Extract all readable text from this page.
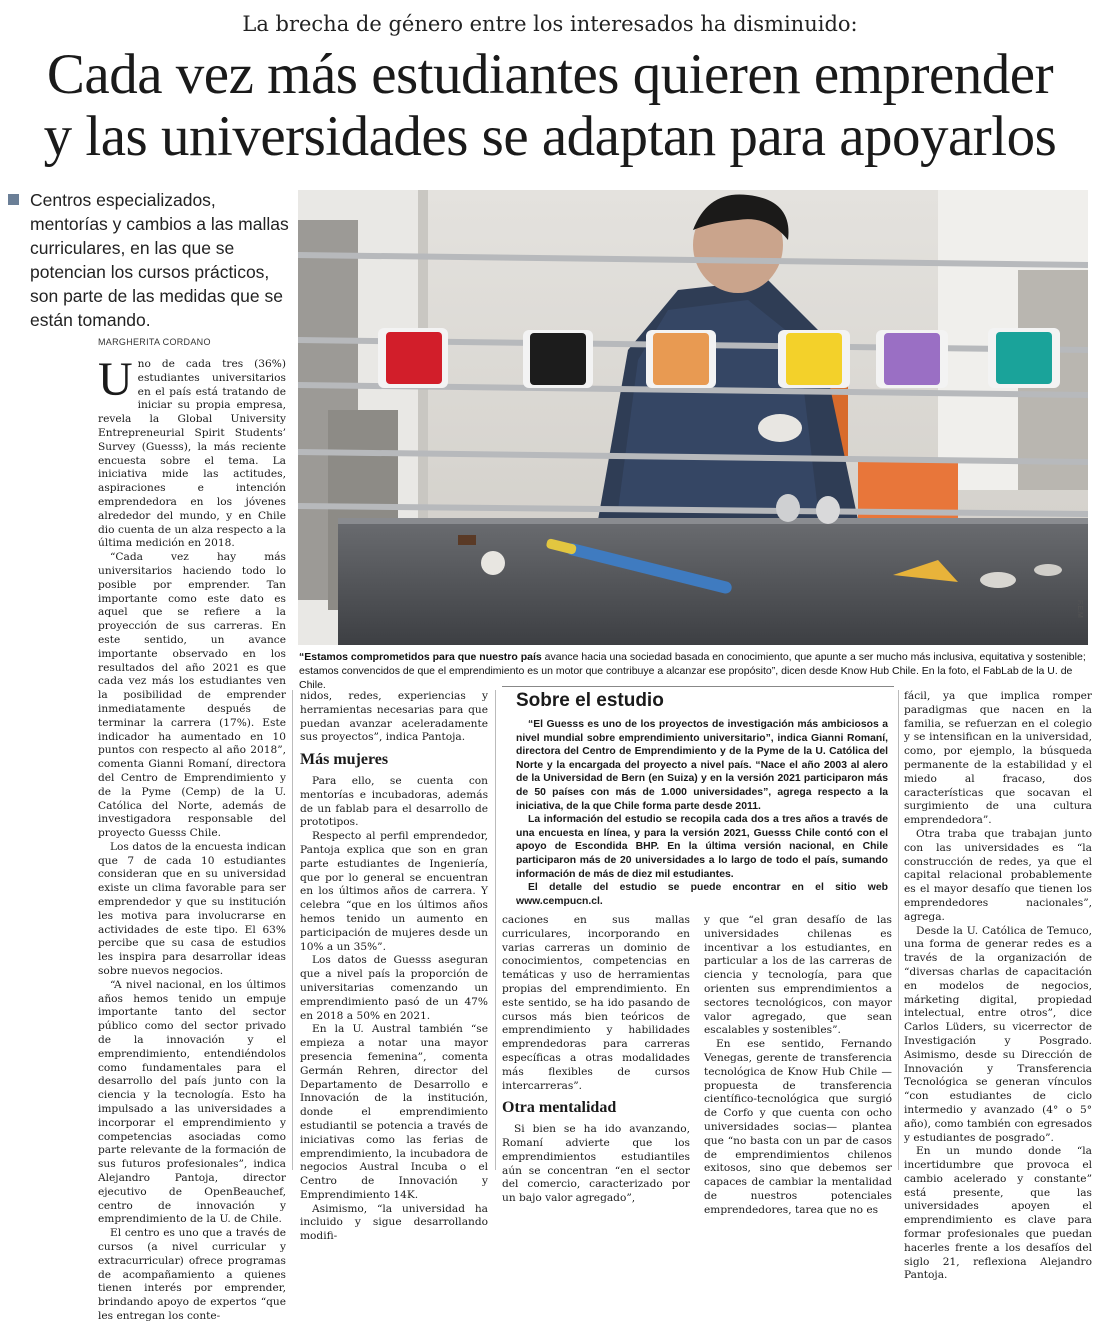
La brecha de género entre los interesados ha disminuido:
Cada vez más estudiantes quieren emprender
y las universidades se adaptan para apoyarlos

Centros especializados, mentorías y cambios a las mallas curriculares, en las que se potencian los cursos prácticos, son parte de las medidas que se están tomando.

MARGHERITA CORDANO
F.E.M
“Estamos comprometidos para que nuestro país avance hacia una sociedad basada en conocimiento, que apunte a ser mucho más inclusiva, equitativa y sostenible; estamos convencidos de que el emprendimiento es un motor que contribuye a alcanzar ese propósito”, dicen desde Know Hub Chile. En la foto, el FabLab de la U. de Chile.

Uno de cada tres (36%) estudiantes universitarios en el país está tratando de iniciar su propia empresa, revela la Global University Entrepreneurial Spirit Students’ Survey (Guesss), la más reciente encuesta sobre el tema. La iniciativa mide las actitudes, aspiraciones e intención emprendedora en los jóvenes alrededor del mundo, y en Chile dio cuenta de un alza respecto a la última medición en 2018.

“Cada vez hay más universitarios haciendo todo lo posible por emprender. Tan importante como este dato es aquel que se refiere a la proyección de sus carreras. En este sentido, un avance importante observado en los resultados del año 2021 es que cada vez más los estudiantes ven la posibilidad de emprender inmediatamente después de terminar la carrera (17%). Este indicador ha aumentado en 10 puntos con respecto al año 2018”, comenta Gianni Romaní, directora del Centro de Emprendimiento y de la Pyme (Cemp) de la U. Católica del Norte, además de investigadora responsable del proyecto Guesss Chile.

Los datos de la encuesta indican que 7 de cada 10 estudiantes consideran que en su universidad existe un clima favorable para ser emprendedor y que su institución les motiva para involucrarse en actividades de este tipo. El 63% percibe que su casa de estudios les inspira para desarrollar ideas sobre nuevos negocios.

“A nivel nacional, en los últimos años hemos tenido un empuje importante tanto del sector público como del sector privado de la innovación y el emprendimiento, entendiéndolos como fundamentales para el desarrollo del país junto con la ciencia y la tecnología. Esto ha impulsado a las universidades a incorporar el emprendimiento y competencias asociadas como parte relevante de la formación de sus futuros profesionales”, indica Alejandro Pantoja, director ejecutivo de OpenBeauchef, centro de innovación y emprendimiento de la U. de Chile.

El centro es uno que a través de cursos (a nivel curricular y extracurricular) ofrece programas de acompañamiento a quienes tienen interés por emprender, brindando apoyo de expertos “que les entregan los conte-

nidos, redes, experiencias y herramientas necesarias para que puedan avanzar aceleradamente sus proyectos”, indica Pantoja.

Más mujeres

Para ello, se cuenta con mentorías e incubadoras, además de un fablab para el desarrollo de prototipos.

Respecto al perfil emprendedor, Pantoja explica que son en gran parte estudiantes de Ingeniería, que por lo general se encuentran en los últimos años de carrera. Y celebra “que en los últimos años hemos tenido un aumento en participación de mujeres desde un 10% a un 35%”.

Los datos de Guesss aseguran que a nivel país la proporción de universitarias comenzando un emprendimiento pasó de un 47% en 2018 a 50% en 2021.

En la U. Austral también “se empieza a notar una mayor presencia femenina”, comenta Germán Rehren, director del Departamento de Desarrollo e Innovación de la institución, donde el emprendimiento estudiantil se potencia a través de iniciativas como las ferias de emprendimiento, la incubadora de negocios Austral Incuba o el Centro de Innovación y Emprendimiento 14K.

Asimismo, “la universidad ha incluido y sigue desarrollando modifi-

Sobre el estudio

“El Guesss es uno de los proyectos de investigación más ambiciosos a nivel mundial sobre emprendimiento universitario”, indica Gianni Romaní, directora del Centro de Emprendimiento y de la Pyme de la U. Católica del Norte y la encargada del proyecto a nivel país. “Nace el año 2003 al alero de la Universidad de Bern (en Suiza) y en la versión 2021 participaron más de 50 países con más de 1.000 universidades”, agrega respecto a la iniciativa, de la que Chile forma parte desde 2011.

La información del estudio se recopila cada dos a tres años a través de una encuesta en línea, y para la versión 2021, Guesss Chile contó con el apoyo de Escondida BHP. En la última versión nacional, en Chile participaron más de 20 universidades a lo largo de todo el país, sumando información de más de diez mil estudiantes.

El detalle del estudio se puede encontrar en el sitio web www.cempucn.cl.

caciones en sus mallas curriculares, incorporando en varias carreras un dominio de conocimientos, competencias en temáticas y uso de herramientas propias del emprendimiento. En este sentido, se ha ido pasando de cursos más bien teóricos de emprendimiento y habilidades emprendedoras para carreras específicas a otras modalidades más flexibles de cursos intercarreras”.

Otra mentalidad

Si bien se ha ido avanzando, Romaní advierte que los emprendimientos estudiantiles aún se concentran “en el sector del comercio, caracterizado por un bajo valor agregado”,

y que “el gran desafío de las universidades chilenas es incentivar a los estudiantes, en particular a los de las carreras de ciencia y tecnología, para que orienten sus emprendimientos a sectores tecnológicos, con mayor valor agregado, que sean escalables y sostenibles”.

En ese sentido, Fernando Venegas, gerente de transferencia tecnológica de Know Hub Chile —propuesta de transferencia científico-tecnológica que surgió de Corfo y que cuenta con ocho universidades socias— plantea que “no basta con un par de casos de emprendimientos chilenos exitosos, sino que debemos ser capaces de cambiar la mentalidad de nuestros potenciales emprendedores, tarea que no es

fácil, ya que implica romper paradigmas que nacen en la familia, se refuerzan en el colegio y se intensifican en la universidad, como, por ejemplo, la búsqueda permanente de la estabilidad y el miedo al fracaso, dos características que socavan el surgimiento de una cultura emprendedora”.

Otra traba que trabajan junto con las universidades es “la construcción de redes, ya que el capital relacional probablemente es el mayor desafío que tienen los emprendedores nacionales”, agrega.

Desde la U. Católica de Temuco, una forma de generar redes es a través de la organización de “diversas charlas de capacitación en modelos de negocios, márketing digital, propiedad intelectual, entre otros”, dice Carlos Lüders, su vicerrector de Investigación y Posgrado. Asimismo, desde su Dirección de Innovación y Transferencia Tecnológica se generan vínculos “con estudiantes de ciclo intermedio y avanzado (4° o 5° año), como también con egresados y estudiantes de posgrado”.

En un mundo donde “la incertidumbre que provoca el cambio acelerado y constante” está presente, que las universidades apoyen el emprendimiento es clave para formar profesionales que puedan hacerles frente a los desafíos del siglo 21, reflexiona Alejandro Pantoja.
